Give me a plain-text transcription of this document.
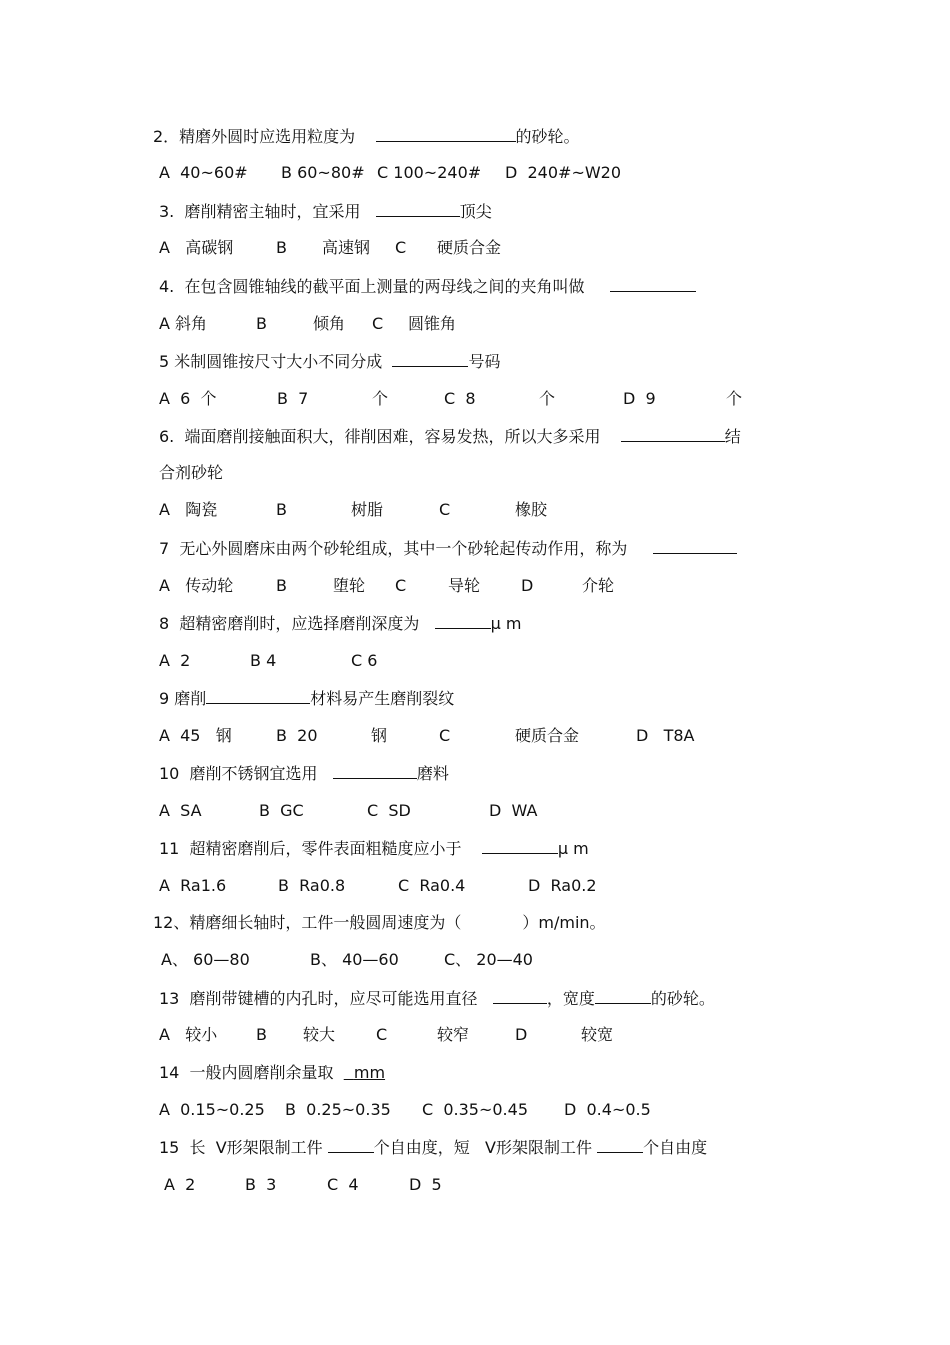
2．精磨外圆时应选用粒度为	的砂轮。
A  40~60# B 60~80# C 100~240# D  240#~W20
3.  磨削精密主轴时，宜采用	顶尖
A   高碳钢	B 高速钢 C 硬质合金
4.  在包含圆锥轴线的截平面上测量的两母线之间的夹角叫做
A 斜角	B	倾角 C 圆锥角
5 米制圆锥按尺寸大小不同分成	号码
A  6  个	B  7	个	C  8	个	D  9	个
6.  端面磨削接触面积大，徘削困难，容易发热，所以大多采用	结
合剂砂轮
A   陶瓷	B	树脂	C	橡胶
7  无心外圆磨床由两个砂轮组成，其中一个砂轮起传动作用，称为
A   传动轮	B	堕轮 C	导轮	D	介轮
8  超精密磨削时，应选择磨削深度为	μ m
A  2	B 4	C 6
9 磨削	材料易产生磨削裂纹
A  45   钢	B  20	钢	C	硬质合金	D   T8A
10  磨削不锈钢宜选用	磨料
A  SA	B  GC	C  SD	D  WA
11  超精密磨削后，零件表面粗糙度应小于	μ m
A  Ra1.6	B  Ra0.8	C  Ra0.4	D  Ra0.2
12、精磨细长轴时，工件一般圆周速度为（	）m/min。
A、 60—80	B、 40—60	C、 20—40
13  磨削带键槽的内孔时，应尽可能选用直径	，宽度	的砂轮。
A   较小 B 较大	C	较窄	D	较宽
14  一般内圆磨削余量取 mm
A  0.15~0.25 B  0.25~0.35 C  0.35~0.45 D  0.4~0.5
15  长  V形架限制工件	个自由度，短   V形架限制工件	个自由度
A  2	B  3	C  4	D  5
